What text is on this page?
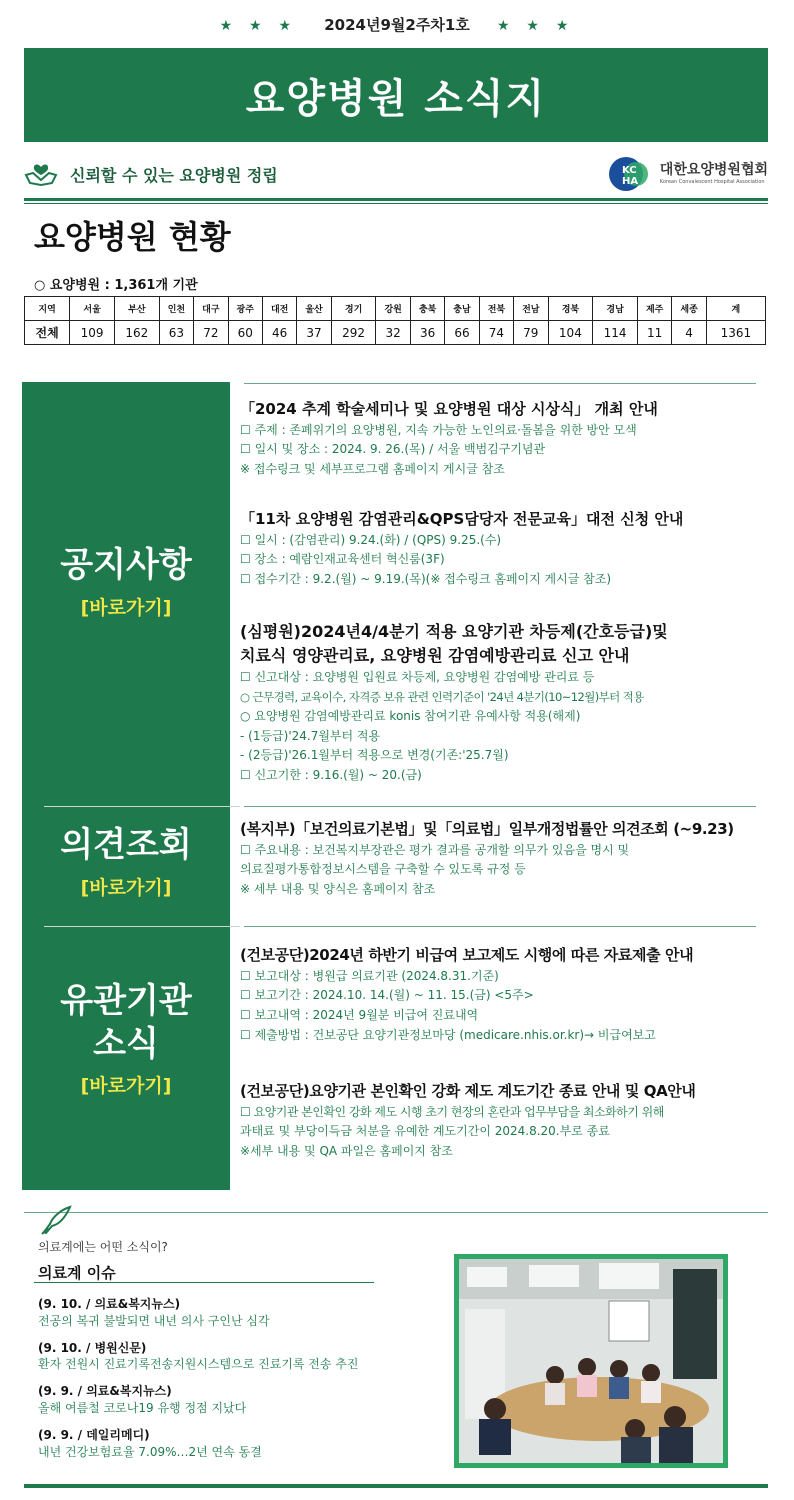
★ ★ ★ 2024년9월2주차1호 ★ ★ ★
요양병원 소식지
신뢰할 수 있는 요양병원 정립	KC
HA
대한요양병원협회
Korean Convalescent Hospital Association
요양병원 현황
○ 요양병원 : 1,361개 기관
지역	서울	부산	인천	대구	광주	대전	울산	경기	강원	충북	충남	전북	전남	경북	경남	제주	세종	계
전체	109	162	63	72	60	46	37	292	32	36	66	74	79	104	114	11	4	1361
공지사항
[바로가기]
의견조회
[바로가기]
유관기관
소식
[바로가기]
「2024 추계 학술세미나 및 요양병원 대상 시상식」 개최 안내
☐ 주제 : 존폐위기의 요양병원, 지속 가능한 노인의료·돌봄을 위한 방안 모색
☐ 일시 및 장소 : 2024. 9. 26.(목) / 서울 백범김구기념관
※ 접수링크 및 세부프로그램 홈페이지 게시글 참조
「11차 요양병원 감염관리&QPS담당자 전문교육」대전 신청 안내
☐ 일시 : (감염관리) 9.24.(화) / (QPS) 9.25.(수)
☐ 장소 : 예람인재교육센터 혁신룸(3F)
☐ 접수기간 : 9.2.(월) ~ 9.19.(목)(※ 접수링크 홈페이지 게시글 참조)
(심평원)2024년4/4분기 적용 요양기관 차등제(간호등급)및
치료식 영양관리료, 요양병원 감염예방관리료 신고 안내
☐ 신고대상 : 요양병원 입원료 차등제, 요양병원 감염예방 관리료 등
○ 근무경력, 교육이수, 자격증 보유 관련 인력기준이 '24년 4분기(10~12월)부터 적용
○ 요양병원 감염예방관리료 konis 참여기관 유예사항 적용(해제)
- (1등급)'24.7월부터 적용
- (2등급)'26.1월부터 적용으로 변경(기존:'25.7월)
☐ 신고기한 : 9.16.(월) ~ 20.(금)
(복지부)「보건의료기본법」및「의료법」일부개정법률안 의견조회 (~9.23)
☐ 주요내용 : 보건복지부장관은 평가 결과를 공개할 의무가 있음을 명시 및
의료질평가통합정보시스템을 구축할 수 있도록 규정 등
※ 세부 내용 및 양식은 홈페이지 참조
(건보공단)2024년 하반기 비급여 보고제도 시행에 따른 자료제출 안내
☐ 보고대상 : 병원급 의료기관 (2024.8.31.기준)
☐ 보고기간 : 2024.10. 14.(월) ~ 11. 15.(금) <5주>
☐ 보고내역 : 2024년 9월분 비급여 진료내역
☐ 제출방법 : 건보공단 요양기관정보마당 (medicare.nhis.or.kr)→ 비급여보고
(건보공단)요양기관 본인확인 강화 제도 계도기간 종료 안내 및 QA안내
☐ 요양기관 본인확인 강화 제도 시행 초기 현장의 혼란과 업무부담을 최소화하기 위해
과태료 및 부당이득금 처분을 유예한 계도기간이 2024.8.20.부로 종료
※세부 내용 및 QA 파일은 홈페이지 참조
의료계에는 어떤 소식이?
의료계 이슈
(9. 10. / 의료&복지뉴스)
전공의 복귀 불발되면 내년 의사 구인난 심각
(9. 10. / 병원신문)
환자 전원시 진료기록전송지원시스템으로 진료기록 전송 추진
(9. 9. / 의료&복지뉴스)
올해 여름철 코로나19 유행 정점 지났다
(9. 9. / 데일리메디)
내년 건강보험료율 7.09%…2년 연속 동결
